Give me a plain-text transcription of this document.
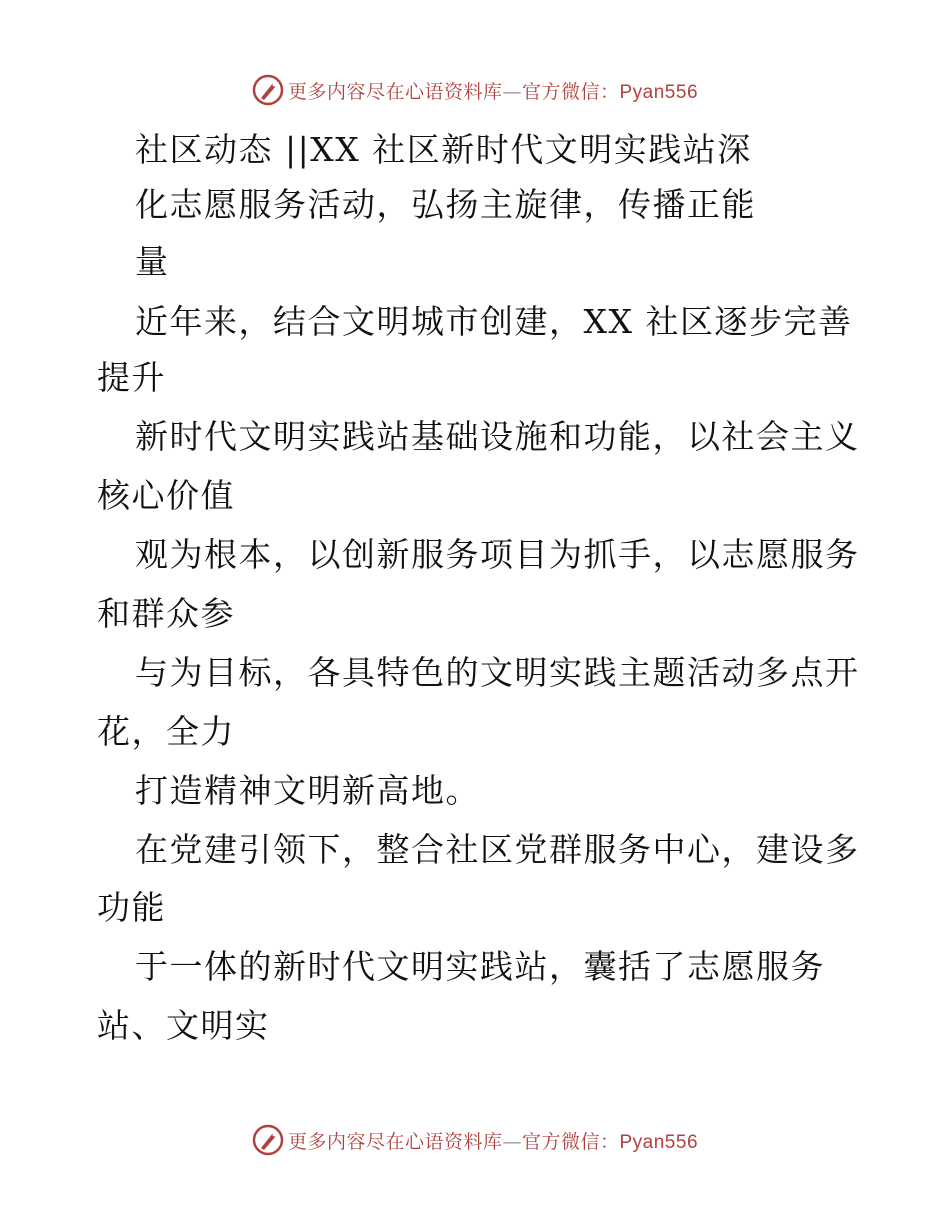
更多内容尽在心语资料库—官方微信：Pyan556
社区动态 ||XX 社区新时代文明实践站深
化志愿服务活动，弘扬主旋律，传播正能
量
近年来，结合文明城市创建，XX 社区逐步完善
提升
新时代文明实践站基础设施和功能，以社会主义
核心价值
观为根本，以创新服务项目为抓手，以志愿服务
和群众参
与为目标，各具特色的文明实践主题活动多点开
花，全力
打造精神文明新高地。
在党建引领下，整合社区党群服务中心，建设多
功能
于一体的新时代文明实践站，囊括了志愿服务
站、文明实
更多内容尽在心语资料库—官方微信：Pyan556
